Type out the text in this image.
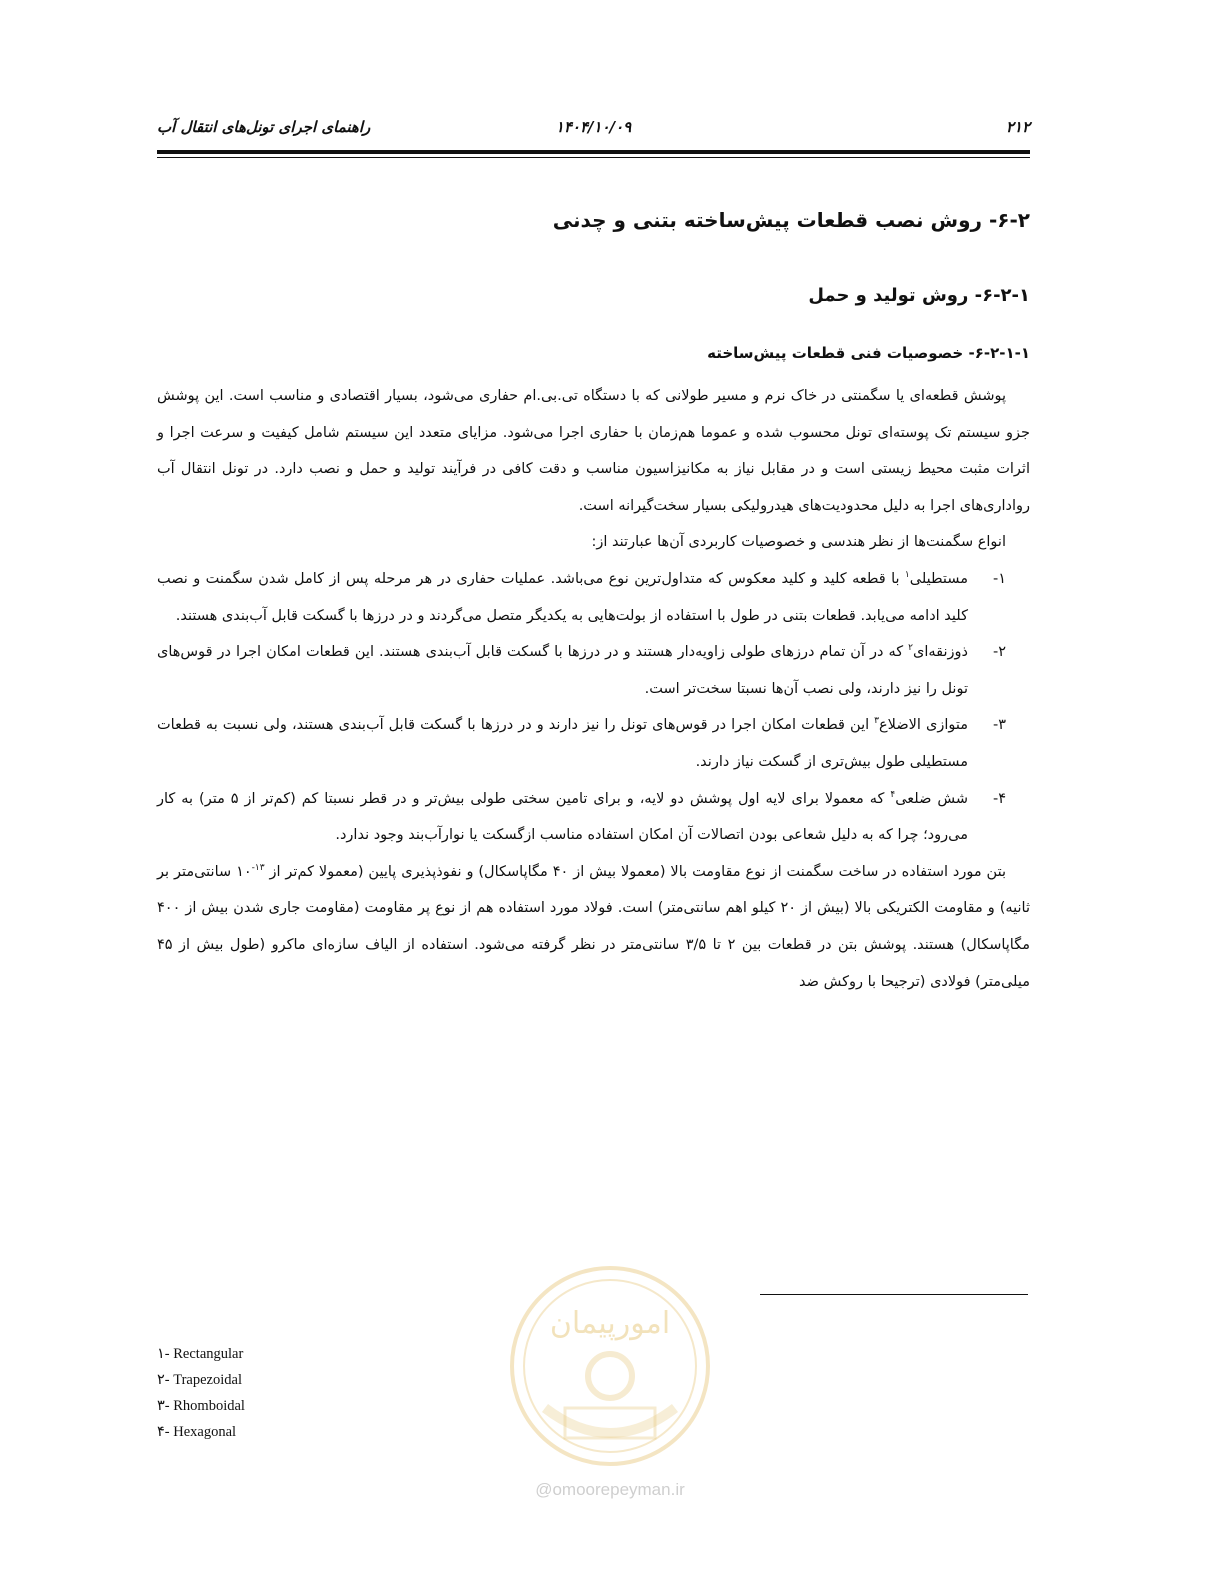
۲۱۲
۱۴۰۴/۱۰/۰۹
راهنمای اجرای تونل‌های انتقال آب
۶-۲- روش نصب قطعات پیش‌ساخته بتنی و چدنی
۶-۲-۱- روش تولید و حمل
۶-۲-۱-۱- خصوصیات فنی قطعات پیش‌ساخته

پوشش قطعه‌ای یا سگمنتی در خاک نرم و مسیر طولانی که با دستگاه تی.بی.ام حفاری می‌شود، بسیار اقتصادی و مناسب است. این پوشش جزو سیستم تک پوسته‌ای تونل محسوب شده و عموما هم‌زمان با حفاری اجرا می‌شود. مزایای متعدد این سیستم شامل کیفیت و سرعت اجرا و اثرات مثبت محیط زیستی است و در مقابل نیاز به مکانیزاسیون مناسب و دقت کافی در فرآیند تولید و حمل و نصب دارد. در تونل انتقال آب رواداری‌های اجرا به دلیل محدودیت‌های هیدرولیکی بسیار سخت‌گیرانه است.

انواع سگمنت‌ها از نظر هندسی و خصوصیات کاربردی آن‌ها عبارتند از:

۱-
مستطیلی$^۱$ با قطعه کلید و کلید معکوس که متداول‌ترین نوع می‌باشد. عملیات حفاری در هر مرحله پس از کامل شدن سگمنت و نصب کلید ادامه می‌یابد. قطعات بتنی در طول با استفاده از بولت‌هایی به یکدیگر متصل می‌گردند و در درزها با گسکت قابل آب‌بندی هستند.
۲-
ذوزنقه‌ای$^۲$ که در آن تمام درزهای طولی زاویه‌دار هستند و در درزها با گسکت قابل آب‌بندی هستند. این قطعات امکان اجرا در قوس‌های تونل را نیز دارند، ولی نصب آن‌ها نسبتا سخت‌تر است.
۳-
متوازی الاضلاع$^۳$ این قطعات امکان اجرا در قوس‌های تونل را نیز دارند و در درزها با گسکت قابل آب‌بندی هستند، ولی نسبت به قطعات مستطیلی طول بیش‌تری از گسکت نیاز دارند.
۴-
شش ضلعی$^۴$ که معمولا برای لایه اول پوشش دو لایه، و برای تامین سختی طولی بیش‌تر و در قطر نسبتا کم (کم‌تر از ۵ متر) به کار می‌رود؛ چرا که به دلیل شعاعی بودن اتصالات آن امکان استفاده مناسب ازگسکت یا نوارآب‌بند وجود ندارد.

بتن مورد استفاده در ساخت سگمنت از نوع مقاومت بالا (معمولا بیش از ۴۰ مگاپاسکال) و نفوذپذیری پایین (معمولا کم‌تر از $^{۱۳-}$۱۰ سانتی‌متر بر ثانیه) و مقاومت الکتریکی بالا (بیش از ۲۰ کیلو اهم سانتی‌متر) است. فولاد مورد استفاده هم از نوع پر مقاومت (مقاومت جاری شدن بیش از ۴۰۰ مگاپاسکال) هستند. پوشش بتن در قطعات بین ۲ تا ۳/۵ سانتی‌متر در نظر گرفته می‌شود. استفاده از الیاف سازه‌ای ماکرو (طول بیش از ۴۵ میلی‌متر) فولادی (ترجیحا با روکش ضد

امورپیمان
@omoorepeyman.ir
۱- Rectangular
۲- Trapezoidal
۳- Rhomboidal
۴- Hexagonal
